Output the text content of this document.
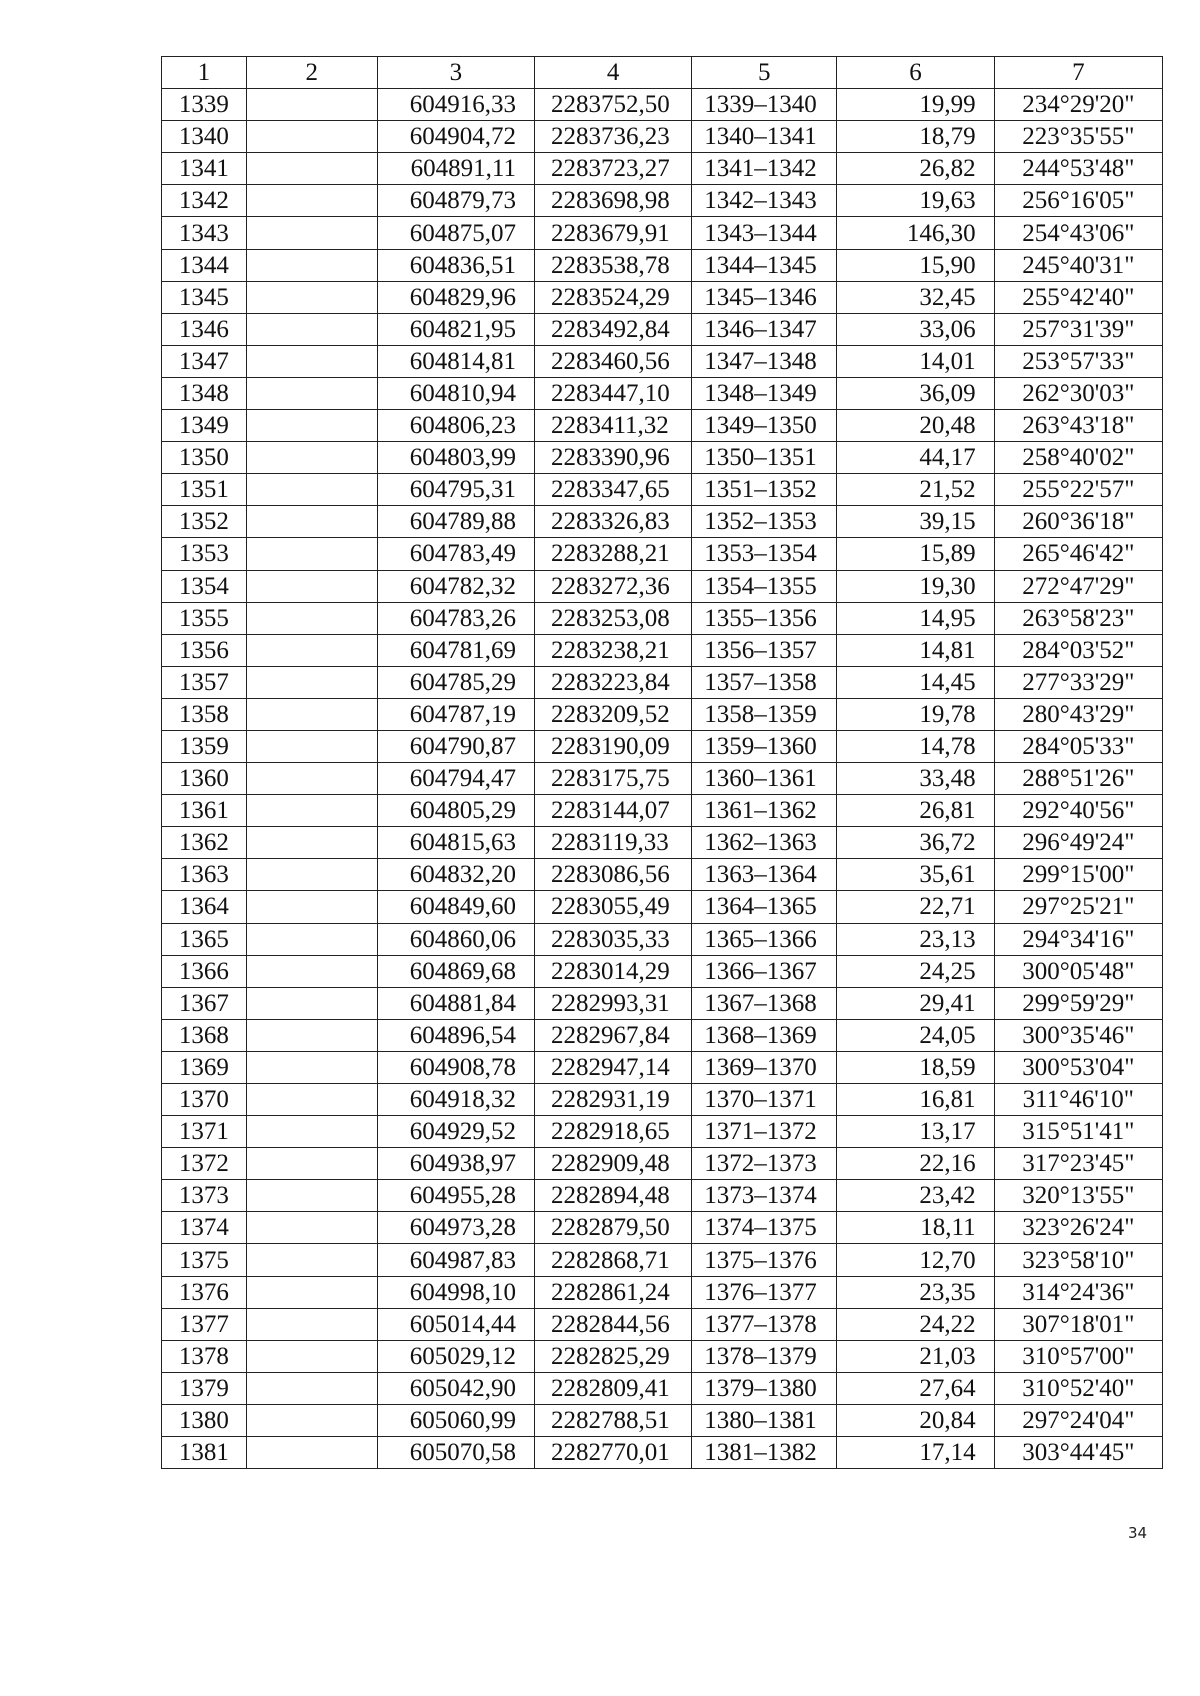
1	2	3	4	5	6	7
1339		604916,33	2283752,50	1339–1340	19,99	234°29'20"
1340		604904,72	2283736,23	1340–1341	18,79	223°35'55"
1341		604891,11	2283723,27	1341–1342	26,82	244°53'48"
1342		604879,73	2283698,98	1342–1343	19,63	256°16'05"
1343		604875,07	2283679,91	1343–1344	146,30	254°43'06"
1344		604836,51	2283538,78	1344–1345	15,90	245°40'31"
1345		604829,96	2283524,29	1345–1346	32,45	255°42'40"
1346		604821,95	2283492,84	1346–1347	33,06	257°31'39"
1347		604814,81	2283460,56	1347–1348	14,01	253°57'33"
1348		604810,94	2283447,10	1348–1349	36,09	262°30'03"
1349		604806,23	2283411,32	1349–1350	20,48	263°43'18"
1350		604803,99	2283390,96	1350–1351	44,17	258°40'02"
1351		604795,31	2283347,65	1351–1352	21,52	255°22'57"
1352		604789,88	2283326,83	1352–1353	39,15	260°36'18"
1353		604783,49	2283288,21	1353–1354	15,89	265°46'42"
1354		604782,32	2283272,36	1354–1355	19,30	272°47'29"
1355		604783,26	2283253,08	1355–1356	14,95	263°58'23"
1356		604781,69	2283238,21	1356–1357	14,81	284°03'52"
1357		604785,29	2283223,84	1357–1358	14,45	277°33'29"
1358		604787,19	2283209,52	1358–1359	19,78	280°43'29"
1359		604790,87	2283190,09	1359–1360	14,78	284°05'33"
1360		604794,47	2283175,75	1360–1361	33,48	288°51'26"
1361		604805,29	2283144,07	1361–1362	26,81	292°40'56"
1362		604815,63	2283119,33	1362–1363	36,72	296°49'24"
1363		604832,20	2283086,56	1363–1364	35,61	299°15'00"
1364		604849,60	2283055,49	1364–1365	22,71	297°25'21"
1365		604860,06	2283035,33	1365–1366	23,13	294°34'16"
1366		604869,68	2283014,29	1366–1367	24,25	300°05'48"
1367		604881,84	2282993,31	1367–1368	29,41	299°59'29"
1368		604896,54	2282967,84	1368–1369	24,05	300°35'46"
1369		604908,78	2282947,14	1369–1370	18,59	300°53'04"
1370		604918,32	2282931,19	1370–1371	16,81	311°46'10"
1371		604929,52	2282918,65	1371–1372	13,17	315°51'41"
1372		604938,97	2282909,48	1372–1373	22,16	317°23'45"
1373		604955,28	2282894,48	1373–1374	23,42	320°13'55"
1374		604973,28	2282879,50	1374–1375	18,11	323°26'24"
1375		604987,83	2282868,71	1375–1376	12,70	323°58'10"
1376		604998,10	2282861,24	1376–1377	23,35	314°24'36"
1377		605014,44	2282844,56	1377–1378	24,22	307°18'01"
1378		605029,12	2282825,29	1378–1379	21,03	310°57'00"
1379		605042,90	2282809,41	1379–1380	27,64	310°52'40"
1380		605060,99	2282788,51	1380–1381	20,84	297°24'04"
1381		605070,58	2282770,01	1381–1382	17,14	303°44'45"
34
